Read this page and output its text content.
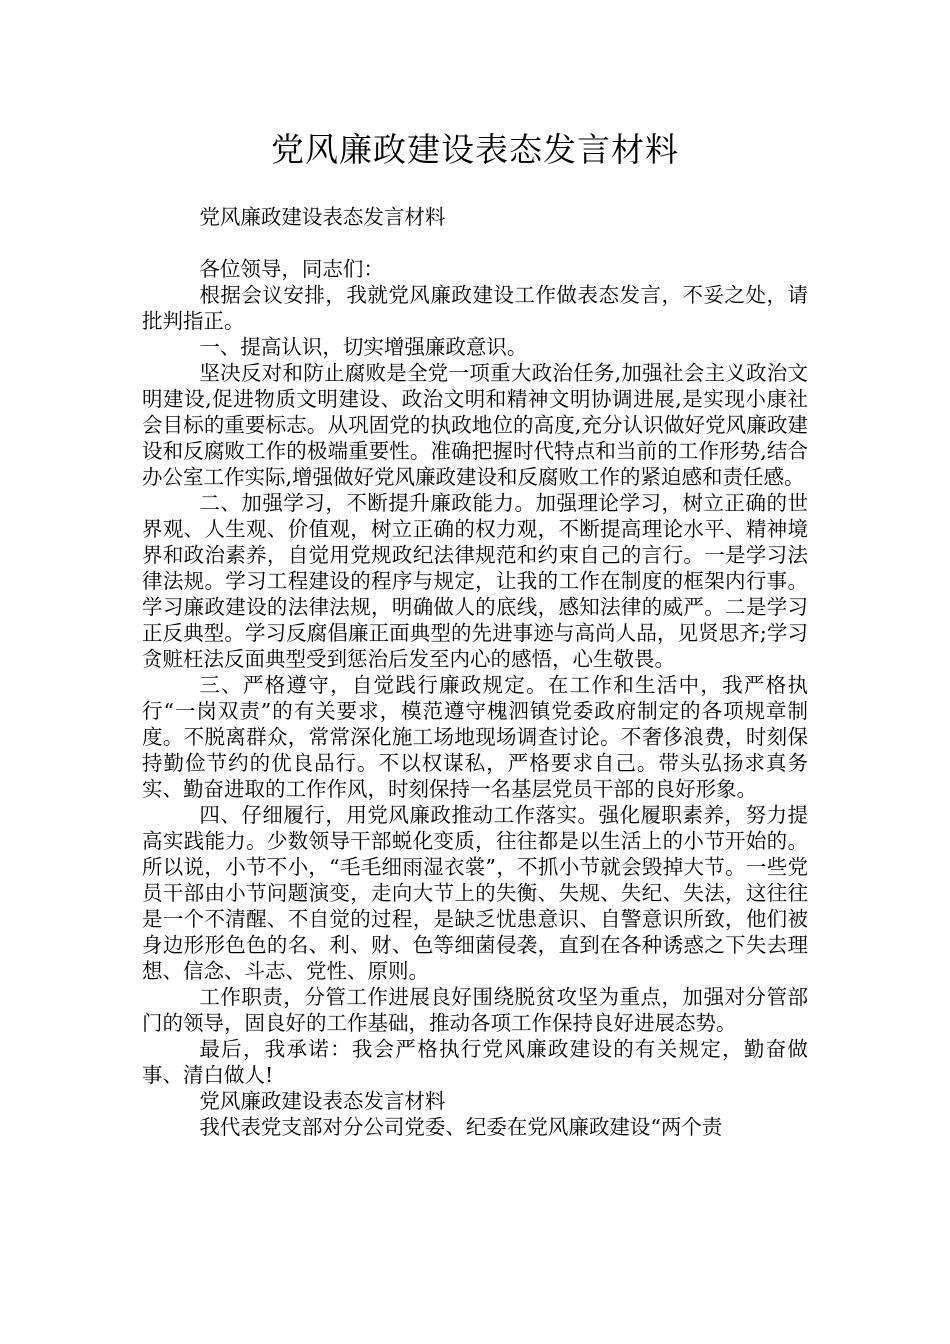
党风廉政建设表态发言材料

党风廉政建设表态发言材料

各位领导，同志们：

根据会议安排，我就党风廉政建设工作做表态发言，不妥之处，请批判指正。

一、提高认识，切实增强廉政意识。

坚决反对和防止腐败是全党一项重大政治任务,加强社会主义政治文明建设,促进物质文明建设、政治文明和精神文明协调进展,是实现小康社会目标的重要标志。从巩固党的执政地位的高度,充分认识做好党风廉政建设和反腐败工作的极端重要性。准确把握时代特点和当前的工作形势,结合办公室工作实际,增强做好党风廉政建设和反腐败工作的紧迫感和责任感。

二、加强学习，不断提升廉政能力。加强理论学习，树立正确的世界观、人生观、价值观，树立正确的权力观，不断提高理论水平、精神境界和政治素养，自觉用党规政纪法律规范和约束自己的言行。一是学习法律法规。学习工程建设的程序与规定，让我的工作在制度的框架内行事。学习廉政建设的法律法规，明确做人的底线，感知法律的威严。二是学习正反典型。学习反腐倡廉正面典型的先进事迹与高尚人品，见贤思齐;学习贪赃枉法反面典型受到惩治后发至内心的感悟，心生敬畏。

三、严格遵守，自觉践行廉政规定。在工作和生活中，我严格执行“一岗双责”的有关要求，模范遵守槐泗镇党委政府制定的各项规章制度。不脱离群众，常常深化施工场地现场调查讨论。不奢侈浪费，时刻保持勤俭节约的优良品行。不以权谋私，严格要求自己。带头弘扬求真务实、勤奋进取的工作作风，时刻保持一名基层党员干部的良好形象。

四、仔细履行，用党风廉政推动工作落实。强化履职素养，努力提高实践能力。少数领导干部蜕化变质，往往都是以生活上的小节开始的。所以说，小节不小，“毛毛细雨湿衣裳”，不抓小节就会毁掉大节。一些党员干部由小节问题演变，走向大节上的失衡、失规、失纪、失法，这往往是一个不清醒、不自觉的过程，是缺乏忧患意识、自警意识所致，他们被身边形形色色的名、利、财、色等细菌侵袭，直到在各种诱惑之下失去理想、信念、斗志、党性、原则。

工作职责，分管工作进展良好围绕脱贫攻坚为重点，加强对分管部门的领导，固良好的工作基础，推动各项工作保持良好进展态势。

最后，我承诺：我会严格执行党风廉政建设的有关规定，勤奋做事、清白做人!

党风廉政建设表态发言材料

我代表党支部对分公司党委、纪委在党风廉政建设“两个责
